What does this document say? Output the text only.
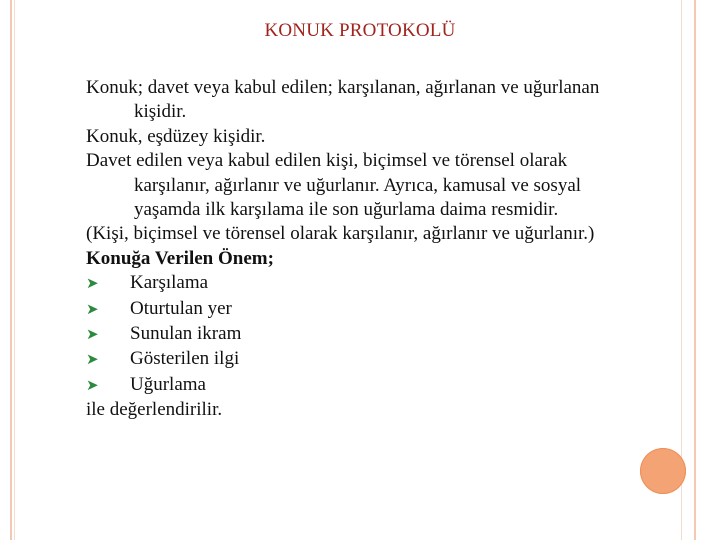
KONUK PROTOKOLÜ
Konuk; davet veya kabul edilen; karşılanan, ağırlanan ve uğurlanan kişidir.
Konuk, eşdüzey kişidir.
Davet edilen veya kabul edilen kişi, biçimsel ve törensel olarak karşılanır, ağırlanır ve uğurlanır. Ayrıca, kamusal ve sosyal yaşamda ilk karşılama ile son uğurlama daima resmidir.
(Kişi, biçimsel ve törensel olarak karşılanır, ağırlanır ve uğurlanır.)
Konuğa Verilen Önem;
➤	Karşılama
➤	Oturtulan yer
➤	Sunulan ikram
➤	Gösterilen ilgi
➤	Uğurlama
ile değerlendirilir.
